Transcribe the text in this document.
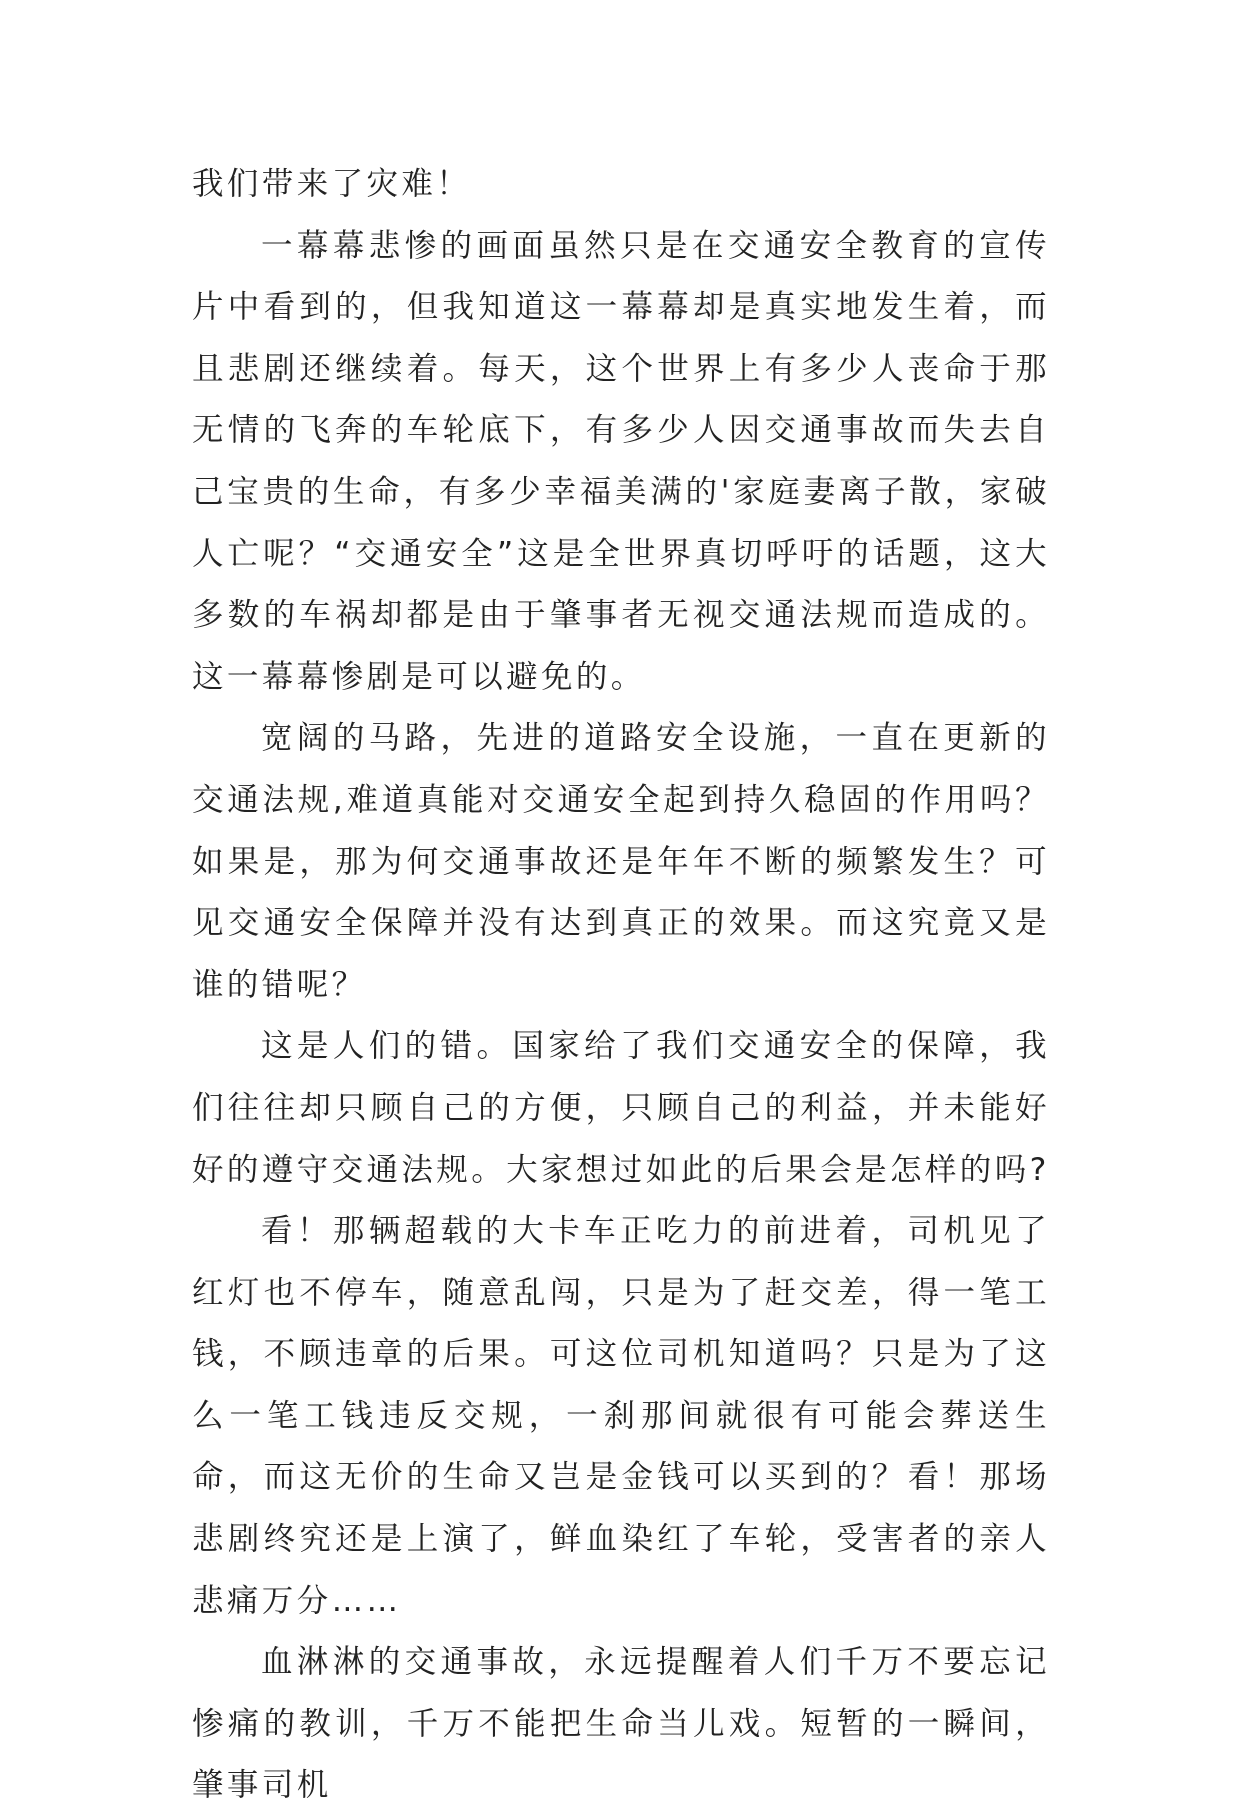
我们带来了灾难！

一幕幕悲惨的画面虽然只是在交通安全教育的宣传片中看到的，但我知道这一幕幕却是真实地发生着，而且悲剧还继续着。每天，这个世界上有多少人丧命于那无情的飞奔的车轮底下，有多少人因交通事故而失去自己宝贵的生命，有多少幸福美满的'家庭妻离子散，家破人亡呢？“交通安全”这是全世界真切呼吁的话题，这大多数的车祸却都是由于肇事者无视交通法规而造成的。这一幕幕惨剧是可以避免的。

宽阔的马路，先进的道路安全设施，一直在更新的交通法规,难道真能对交通安全起到持久稳固的作用吗？如果是，那为何交通事故还是年年不断的频繁发生？可见交通安全保障并没有达到真正的效果。而这究竟又是谁的错呢？

这是人们的错。国家给了我们交通安全的保障，我们往往却只顾自己的方便，只顾自己的利益，并未能好好的遵守交通法规。大家想过如此的后果会是怎样的吗?

看！那辆超载的大卡车正吃力的前进着，司机见了红灯也不停车，随意乱闯，只是为了赶交差，得一笔工钱，不顾违章的后果。可这位司机知道吗？只是为了这么一笔工钱违反交规，一刹那间就很有可能会葬送生命，而这无价的生命又岂是金钱可以买到的？看！那场悲剧终究还是上演了，鲜血染红了车轮，受害者的亲人悲痛万分……

血淋淋的交通事故，永远提醒着人们千万不要忘记惨痛的教训，千万不能把生命当儿戏。短暂的一瞬间，肇事司机
